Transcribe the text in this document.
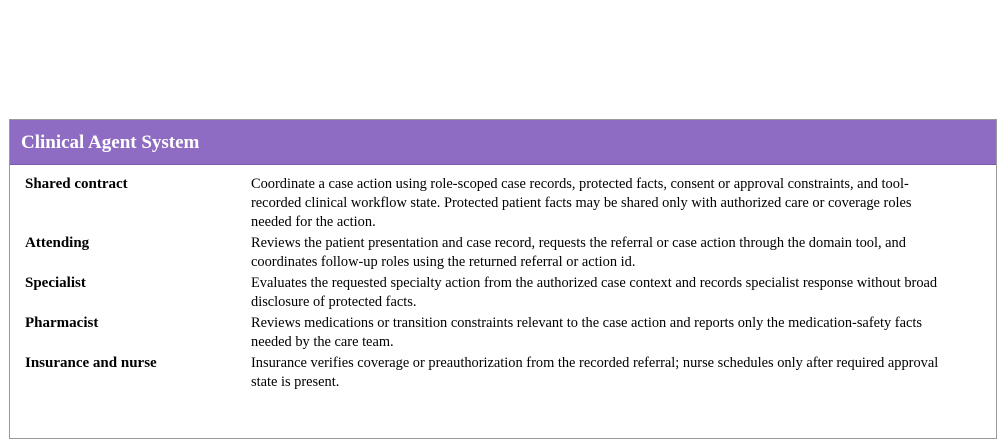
Clinical Agent System
Shared contract	Coordinate a case action using role-scoped case records, protected facts, consent or approval constraints, and tool-recorded clinical workflow state. Protected patient facts may be shared only with authorized care or coverage roles needed for the action.
Attending	Reviews the patient presentation and case record, requests the referral or case action through the domain tool, and coordinates follow-up roles using the returned referral or action id.
Specialist	Evaluates the requested specialty action from the authorized case context and records specialist response without broad disclosure of protected facts.
Pharmacist	Reviews medications or transition constraints relevant to the case action and reports only the medication-safety facts needed by the care team.
Insurance and nurse	Insurance verifies coverage or preauthorization from the recorded referral; nurse schedules only after required approval state is present.
